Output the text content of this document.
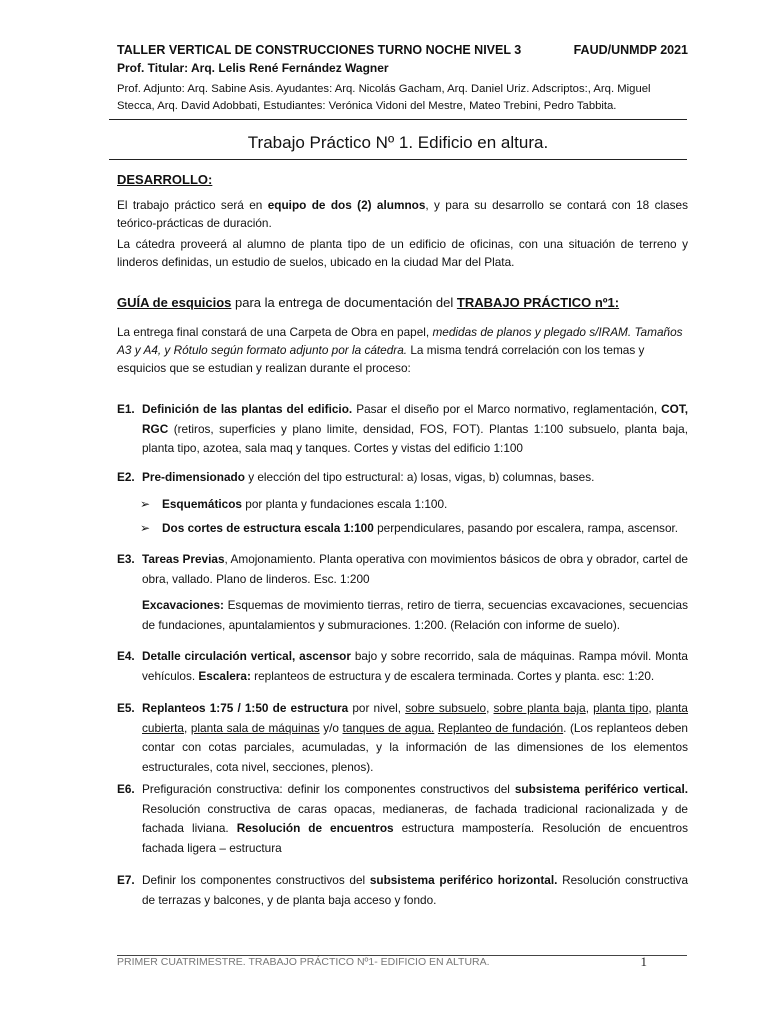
TALLER VERTICAL DE CONSTRUCCIONES TURNO NOCHE NIVEL 3	FAUD/UNMDP 2021
Prof. Titular: Arq. Lelis René Fernández Wagner
Prof. Adjunto: Arq. Sabine Asis. Ayudantes: Arq. Nicolás Gacham, Arq. Daniel Uriz. Adscriptos:, Arq. Miguel Stecca, Arq. David Adobbati, Estudiantes: Verónica Vidoni del Mestre, Mateo Trebini, Pedro Tabbita.
Trabajo Práctico Nº 1. Edificio en altura.
DESARROLLO:
El trabajo práctico será en equipo de dos (2) alumnos, y para su desarrollo se contará con 18 clases teórico-prácticas de duración.
La cátedra proveerá al alumno de planta tipo de un edificio de oficinas, con una situación de terreno y linderos definidas, un estudio de suelos, ubicado en la ciudad Mar del Plata.
GUÍA de esquicios para la entrega de documentación del TRABAJO PRÁCTICO nº1:
La entrega final constará de una Carpeta de Obra en papel, medidas de planos y plegado s/IRAM. Tamaños A3 y A4, y Rótulo según formato adjunto por la cátedra. La misma tendrá correlación con los temas y esquicios que se estudian y realizan durante el proceso:
E1. Definición de las plantas del edificio. Pasar el diseño por el Marco normativo, reglamentación, COT, RGC (retiros, superficies y plano limite, densidad, FOS, FOT). Plantas 1:100 subsuelo, planta baja, planta tipo, azotea, sala maq y tanques. Cortes y vistas del edificio 1:100
E2. Pre-dimensionado y elección del tipo estructural: a) losas, vigas, b) columnas, bases.
➢ Esquemáticos por planta y fundaciones escala 1:100.
➢ Dos cortes de estructura escala 1:100 perpendiculares, pasando por escalera, rampa, ascensor.
E3. Tareas Previas, Amojonamiento. Planta operativa con movimientos básicos de obra y obrador, cartel de obra, vallado. Plano de linderos. Esc. 1:200
Excavaciones: Esquemas de movimiento tierras, retiro de tierra, secuencias excavaciones, secuencias de fundaciones, apuntalamientos y submuraciones. 1:200. (Relación con informe de suelo).
E4. Detalle circulación vertical, ascensor bajo y sobre recorrido, sala de máquinas. Rampa móvil. Monta vehículos. Escalera: replanteos de estructura y de escalera terminada. Cortes y planta. esc: 1:20.
E5. Replanteos 1:75 / 1:50 de estructura por nivel, sobre subsuelo, sobre planta baja, planta tipo, planta cubierta, planta sala de máquinas y/o tanques de agua. Replanteo de fundación. (Los replanteos deben contar con cotas parciales, acumuladas, y la información de las dimensiones de los elementos estructurales, cota nivel, secciones, plenos).
E6. Prefiguración constructiva: definir los componentes constructivos del subsistema periférico vertical. Resolución constructiva de caras opacas, medianeras, de fachada tradicional racionalizada y de fachada liviana. Resolución de encuentros estructura mampostería. Resolución de encuentros fachada ligera – estructura
E7. Definir los componentes constructivos del subsistema periférico horizontal. Resolución constructiva de terrazas y balcones, y de planta baja acceso y fondo.
PRIMER CUATRIMESTRE. TRABAJO PRÁCTICO Nº1- EDIFICIO EN ALTURA.	1
